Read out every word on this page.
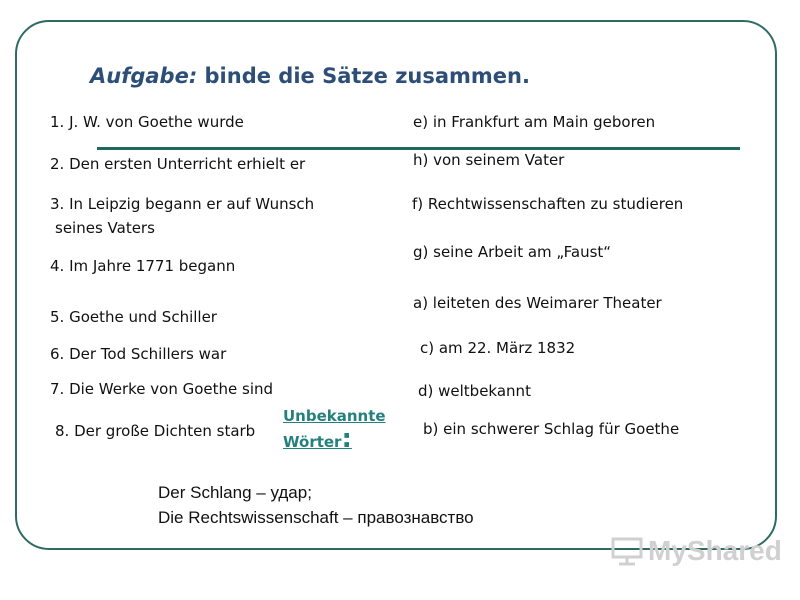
Aufgabe: binde die Sätze zusammen.
1. J. W. von Goethe wurde
2. Den ersten Unterricht erhielt er
3. In Leipzig begann er auf Wunsch
seines Vaters
4. Im Jahre 1771 begann
5. Goethe und Schiller
6. Der Tod Schillers war
7. Die Werke von Goethe sind
8. Der große Dichten starb
e) in Frankfurt am Main geboren
h) von seinem Vater
f) Rechtwissenschaften zu studieren
g) seine Arbeit am „Faust“
a) leiteten des Weimarer Theater
c) am 22. März 1832
d) weltbekannt
b) ein schwerer Schlag für Goethe
Unbekannte
Wörter:
Der Schlang – удар;
Die Rechtswissenschaft – правознавство
MyShared
